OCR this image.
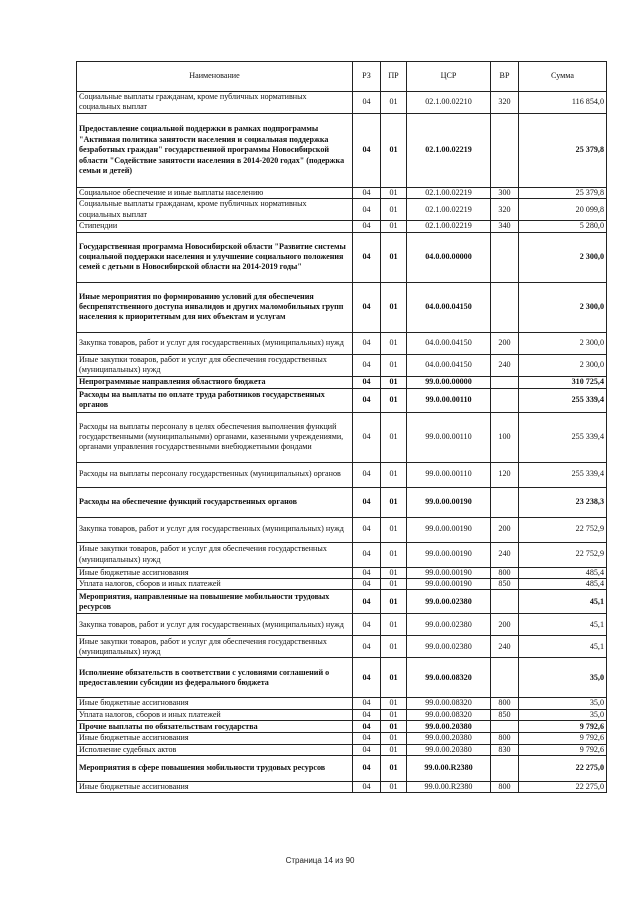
Наименование	РЗ	ПР	ЦСР	ВР	Сумма
Социальные выплаты гражданам, кроме публичных нормативных социальных выплат	04	01	02.1.00.02210	320	116 854,0
Предоставление социальной поддержки в рамках подпрограммы "Активная политика занятости населения и социальная поддержка безработных граждан" государственной программы Новосибирской области "Содействие занятости населения в 2014-2020 годах" (подержка семьи и детей)	04	01	02.1.00.02219		25 379,8
Социальное обеспечение и иные выплаты населению	04	01	02.1.00.02219	300	25 379,8
Социальные выплаты гражданам, кроме публичных нормативных социальных выплат	04	01	02.1.00.02219	320	20 099,8
Стипендии	04	01	02.1.00.02219	340	5 280,0
Государственная программа Новосибирской области "Развитие системы социальной поддержки населения и улучшение социального положения семей с детьми в Новосибирской области на 2014-2019 годы"	04	01	04.0.00.00000		2 300,0
Иные мероприятия по формированию условий для обеспечения беспрепятственного доступа инвалидов и других маломобильных групп населения к приоритетным для них объектам и услугам	04	01	04.0.00.04150		2 300,0
Закупка товаров, работ и услуг для государственных (муниципальных) нужд	04	01	04.0.00.04150	200	2 300,0
Иные закупки товаров, работ и услуг для обеспечения государственных (муниципальных) нужд	04	01	04.0.00.04150	240	2 300,0
Непрограммные направления областного бюджета	04	01	99.0.00.00000		310 725,4
Расходы на выплаты по оплате труда работников государственных органов	04	01	99.0.00.00110		255 339,4
Расходы на выплаты персоналу в целях обеспечения выполнения функций государственными (муниципальными) органами, казенными учреждениями, органами управления государственными внебюджетными фондами	04	01	99.0.00.00110	100	255 339,4
Расходы на выплаты персоналу государственных (муниципальных) органов	04	01	99.0.00.00110	120	255 339,4
Расходы на обеспечение функций государственных органов	04	01	99.0.00.00190		23 238,3
Закупка товаров, работ и услуг для государственных (муниципальных) нужд	04	01	99.0.00.00190	200	22 752,9
Иные закупки товаров, работ и услуг для обеспечения государственных (муниципальных) нужд	04	01	99.0.00.00190	240	22 752,9
Иные бюджетные ассигнования	04	01	99.0.00.00190	800	485,4
Уплата налогов, сборов и иных платежей	04	01	99.0.00.00190	850	485,4
Мероприятия, направленные на повышение мобильности трудовых ресурсов	04	01	99.0.00.02380		45,1
Закупка товаров, работ и услуг для государственных (муниципальных) нужд	04	01	99.0.00.02380	200	45,1
Иные закупки товаров, работ и услуг для обеспечения государственных (муниципальных) нужд	04	01	99.0.00.02380	240	45,1
Исполнение обязательств в соответствии с условиями соглашений о предоставлении субсидии из федерального бюджета	04	01	99.0.00.08320		35,0
Иные бюджетные ассигнования	04	01	99.0.00.08320	800	35,0
Уплата налогов, сборов и иных платежей	04	01	99.0.00.08320	850	35,0
Прочие выплаты по обязательствам государства	04	01	99.0.00.20380		9 792,6
Иные бюджетные ассигнования	04	01	99.0.00.20380	800	9 792,6
Исполнение судебных актов	04	01	99.0.00.20380	830	9 792,6
Мероприятия в сфере повышения мобильности трудовых ресурсов	04	01	99.0.00.R2380		22 275,0
Иные бюджетные ассигнования	04	01	99.0.00.R2380	800	22 275,0
Страница 14 из 90
